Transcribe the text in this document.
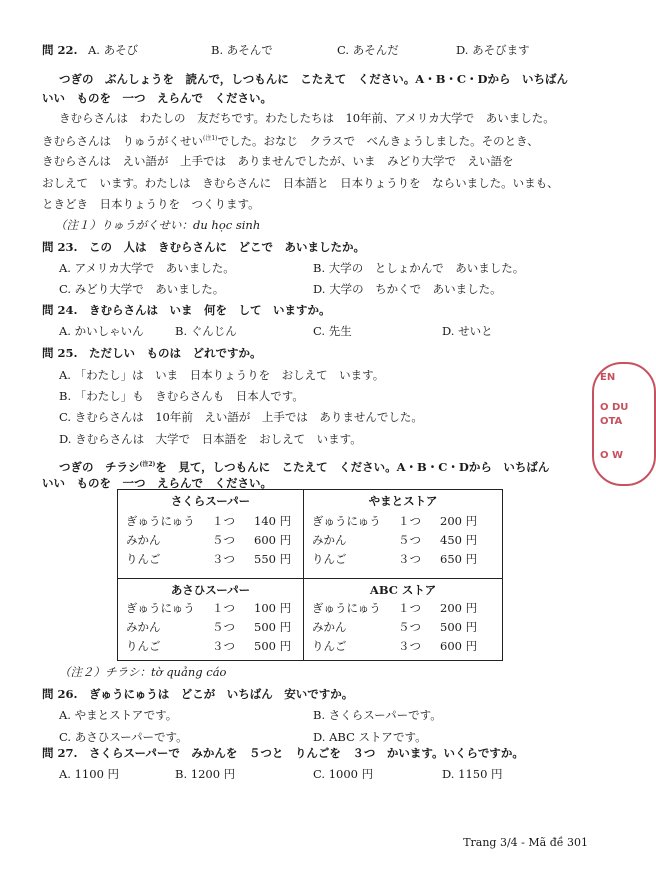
問 22. A. あそび	B. あそんで	C. あそんだ	D. あそびます
つぎの　ぶんしょうを　読んで，しつもんに　こたえて　ください。A・B・C・Dから　いちばん
いい　ものを　一つ　えらんで　ください。
きむらさんは　わたしの　友だちです。わたしたちは　10年前、アメリカ大学で　あいました。
きむらさんは　りゅうがくせい$^{(注1)}$でした。おなじ　クラスで　べんきょうしました。そのとき、
きむらさんは　えい語が　上手では　ありませんでしたが、いま　みどり大学で　えい語を
おしえて　います。わたしは　きむらさんに　日本語と　日本りょうりを　ならいました。いまも、
ときどき　日本りょうりを　つくります。
（注１）りゅうがくせい：du học sinh
問 23.　 この　人は　きむらさんに　どこで　あいましたか。
A. アメリカ大学で　あいました。	B. 大学の　としょかんで　あいました。
C. みどり大学で　あいました。	D. 大学の　ちかくで　あいました。
問 24.　 きむらさんは　いま　何を　して　いますか。
A. かいしゃいん	B. ぐんじん	C. 先生	D. せいと
問 25.　 ただしい　ものは　どれですか。
A. 「わたし」は　いま　日本りょうりを　おしえて　います。
B. 「わたし」も　きむらさんも　日本人です。
C. きむらさんは　10年前　えい語が　上手では　ありませんでした。
D. きむらさんは　大学で　日本語を　おしえて　います。
つぎの　チラシ$^{(注2)}$を　見て，しつもんに　こたえて　ください。A・B・C・Dから　いちばん
いい　ものを　一つ　えらんで　ください。
さくらスーパー
ぎゅうにゅう １つ 140 円
みかん	５つ 600 円
りんご	３つ 550 円
やまとストア
ぎゅうにゅう １つ 200 円
みかん	５つ 450 円
りんご	３つ 650 円
あさひスーパー
ぎゅうにゅう １つ 100 円
みかん	５つ 500 円
りんご	３つ 500 円
ABC ストア
ぎゅうにゅう １つ 200 円
みかん	５つ 500 円
りんご	３つ 600 円
（注２）チラシ：tờ quảng cáo
問 26.　 ぎゅうにゅうは　どこが　いちばん　安いですか。
A. やまとストアです。	B. さくらスーパーです。
C. あさひスーパーです。	D. ABC ストアです。
問 27.　 さくらスーパーで　みかんを　５つと　りんごを　３つ　かいます。いくらですか。
A. 1100 円	B. 1200 円	C. 1000 円	D. 1150 円
EN
O DU
OTA
O W
Trang 3/4 - Mã đề 301
